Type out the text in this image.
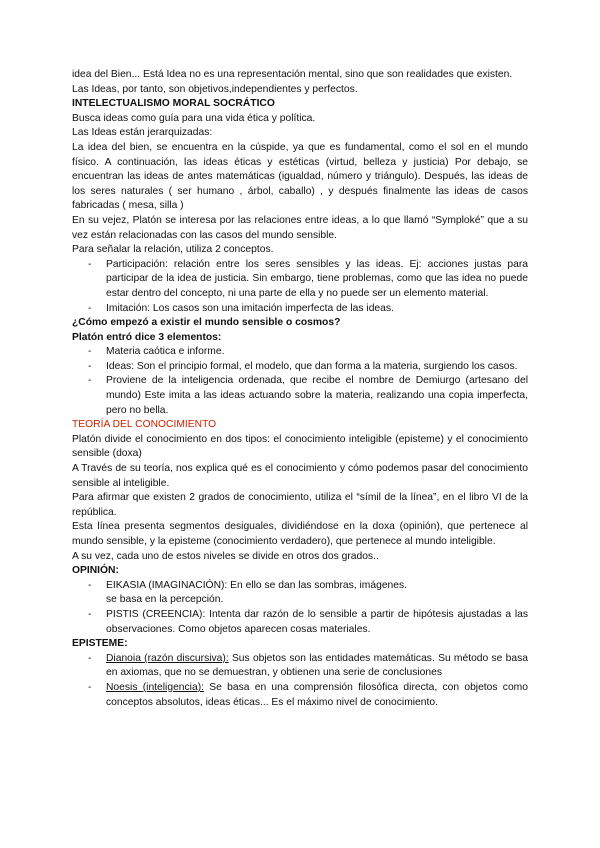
idea del Bien... Está Idea no es una representación mental, sino que son realidades que existen.

Las Ideas, por tanto, son objetivos,independientes y perfectos.

INTELECTUALISMO MORAL SOCRÁTICO

Busca ideas como guía para una vida ética y política.

Las Ideas están jerarquizadas:

La idea del bien, se encuentra en la cúspide, ya que es fundamental, como el sol en el mundo físico. A continuación, las ideas éticas y estéticas (virtud, belleza y justicia) Por debajo, se encuentran las ideas de antes matemáticas (igualdad, número y triángulo). Después, las ideas de los seres naturales ( ser humano , árbol, caballo) , y después finalmente las ideas de casos fabricadas ( mesa, silla )

En su vejez, Platón se interesa por las relaciones entre ideas, a lo que llamó “Symploké” que a su vez están relacionadas con las casos del mundo sensible.

Para señalar la relación, utiliza 2 conceptos.

- Participación: relación entre los seres sensibles y las ideas. Ej: acciones justas para participar de la idea de justicia. Sin embargo, tiene problemas, como que las idea no puede estar dentro del concepto, ni una parte de ella y no puede ser un elemento material.
- Imitación: Los casos son una imitación imperfecta de las ideas.

¿Cómo empezó a existir el mundo sensible o cosmos?

Platón entró dice 3 elementos:

- Materia caótica e informe.
- Ideas: Son el principio formal, el modelo, que dan forma a la materia, surgiendo los casos.
- Proviene de la inteligencia ordenada, que recibe el nombre de Demiurgo (artesano del mundo) Este imita a las ideas actuando sobre la materia, realizando una copia imperfecta, pero no bella.

TEORÍA DEL CONOCIMIENTO

Platón divide el conocimiento en dos tipos: el conocimiento inteligible (episteme) y el conocimiento sensible (doxa)

A Través de su teoría, nos explica qué es el conocimiento y cómo podemos pasar del conocimiento sensible al inteligible.

Para afirmar que existen 2 grados de conocimiento, utiliza el “símil de la línea”, en el libro VI de la república.

Esta línea presenta segmentos desiguales, dividiéndose en la doxa (opinión), que pertenece al mundo sensible, y la episteme (conocimiento verdadero), que pertenece al mundo inteligible.

A su vez, cada uno de estos niveles se divide en otros dos grados..

OPINIÓN:

- EIKASIA (IMAGINACIÓN): En ello se dan las sombras, imágenes.
se basa en la percepción.
- PISTIS (CREENCIA): Intenta dar razón de lo sensible a partir de hipótesis ajustadas a las observaciones. Como objetos aparecen cosas materiales.

EPISTEME:

- Dianoia (razón discursiva): Sus objetos son las entidades matemáticas. Su método se basa en axiomas, que no se demuestran, y obtienen una serie de conclusiones
- Noesis (inteligencia): Se basa en una comprensión filosófica directa, con objetos como conceptos absolutos, ideas éticas... Es el máximo nivel de conocimiento.
